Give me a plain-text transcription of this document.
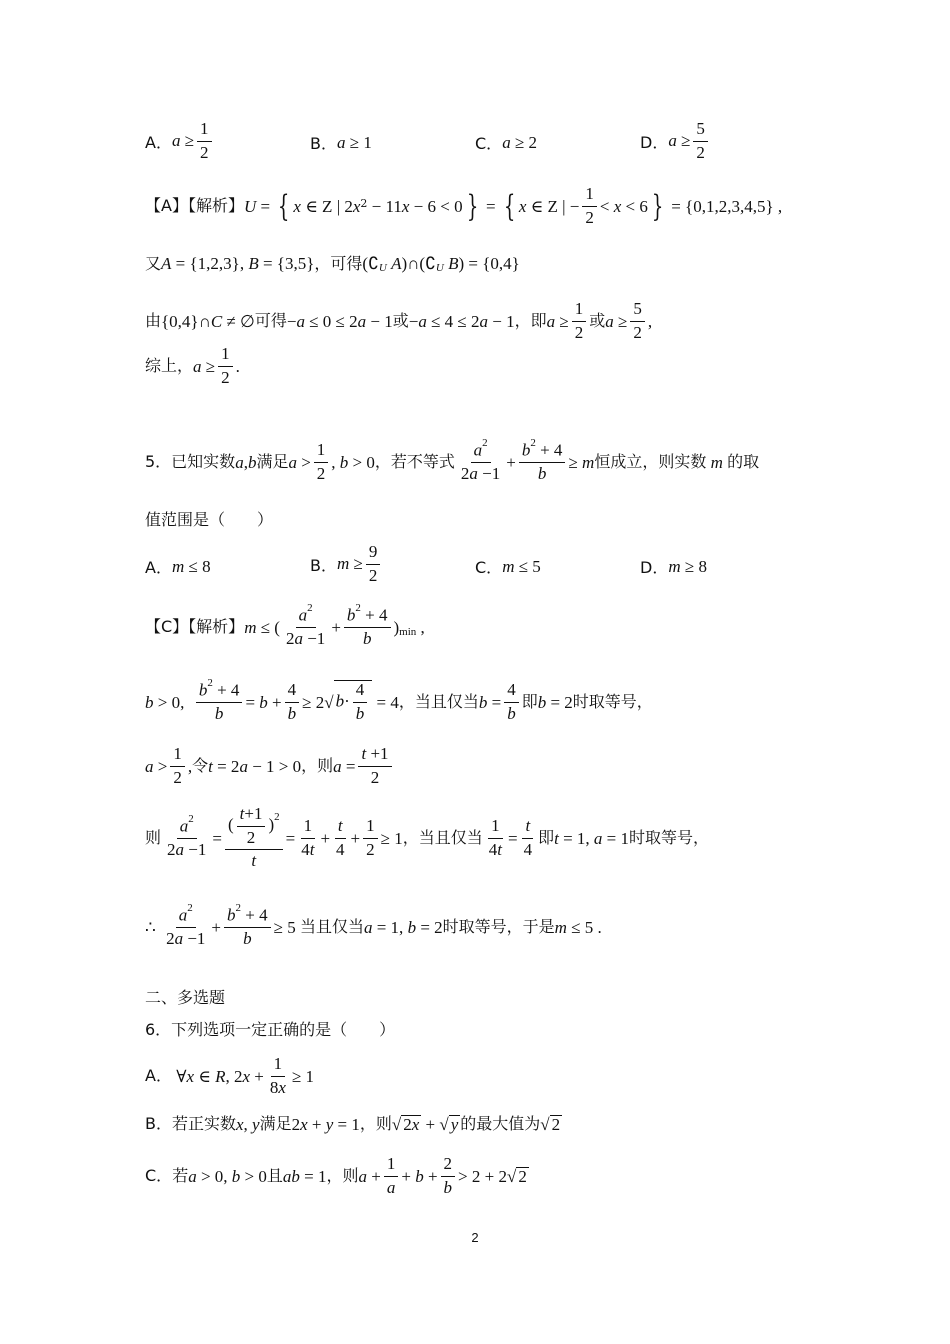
A． $a \ge \frac{1}{2}$	B． a ≥ 1	C． a ≥ 2	D． $a \ge \frac{5}{2}$
【A】【解析】 U = { x ∈ Z | 2 x 2 − 11 x − 6 < 0 } = { x ∈ Z | − $\frac{1}{2} < x < 6$ } = {0,1,2,3,4,5} ,
又 A = {1,2,3}, B = {3,5} ，可得 (∁ U A )∩(∁ U B ) = {0,4}
由 {0,4}∩ C ≠ ∅ 可得 − a ≤ 0 ≤ 2 a − 1 或 − a ≤ 4 ≤ 2 a − 1 ，即 $a \ge \frac{1}{2}$ 或 $a \ge \frac{5}{2}$ ,
综上， $a \ge \frac{1}{2}$ .
5．已知实数 a , b 满足 $a > \frac{1}{2}$ , b > 0 ，若不等式 $\frac{a^2}{2a -1} + \frac{b^2 + 4}{b} \ge m$ 恒成立，则实数 m 的取
值范围是（　　）
A． m ≤ 8	B． $m \ge \frac{9}{2}$	C． m ≤ 5	D． m ≥ 8
【C】【解析】 m ≤ ( $\frac{a^2}{2a -1} + \frac{b^2 + 4}{b}$ ) min ,
b > 0, $\frac{b^2 + 4}{b} = b + \frac{4}{b} \ge 2$ √ $b\cdot \frac{4}{b} = 4$ ，当且仅当 $b = \frac{4}{b}$ 即 b = 2 时取等号，
$a > \frac{1}{2}$ , 令 t = 2 a − 1 > 0 ，则 $a = \frac{t +1}{2}$
则 $\frac{a^2}{2a -1} = \frac{( \frac{t+1}{2} )^2}{t} = \frac{1}{4t} + \frac{t}{4} + \frac{1}{2} \ge 1$ ，当且仅当 $\frac{1}{4t} = \frac{t}{4}$ 即 t = 1, a = 1 时取等号，
∴ $\frac{a^2}{2a -1} + \frac{b^2 + 4}{b} \ge 5$ 当且仅当 a = 1, b = 2 时取等号，于是 m ≤ 5 .
二、多选题
6．下列选项一定正确的是（　　）
A． ∀ x ∈ R , 2 $x + \frac{1}{8x} \ge 1$
B． 若正实数 x , y 满足 2 x + y = 1 ，则 √ 2x + √ y 的最大值为 √ 2
C． 若 a > 0, b > 0 且 ab = 1 ，则 $a + \frac{1}{a} + b + \frac{2}{b} > 2 + 2$ √ 2
2
